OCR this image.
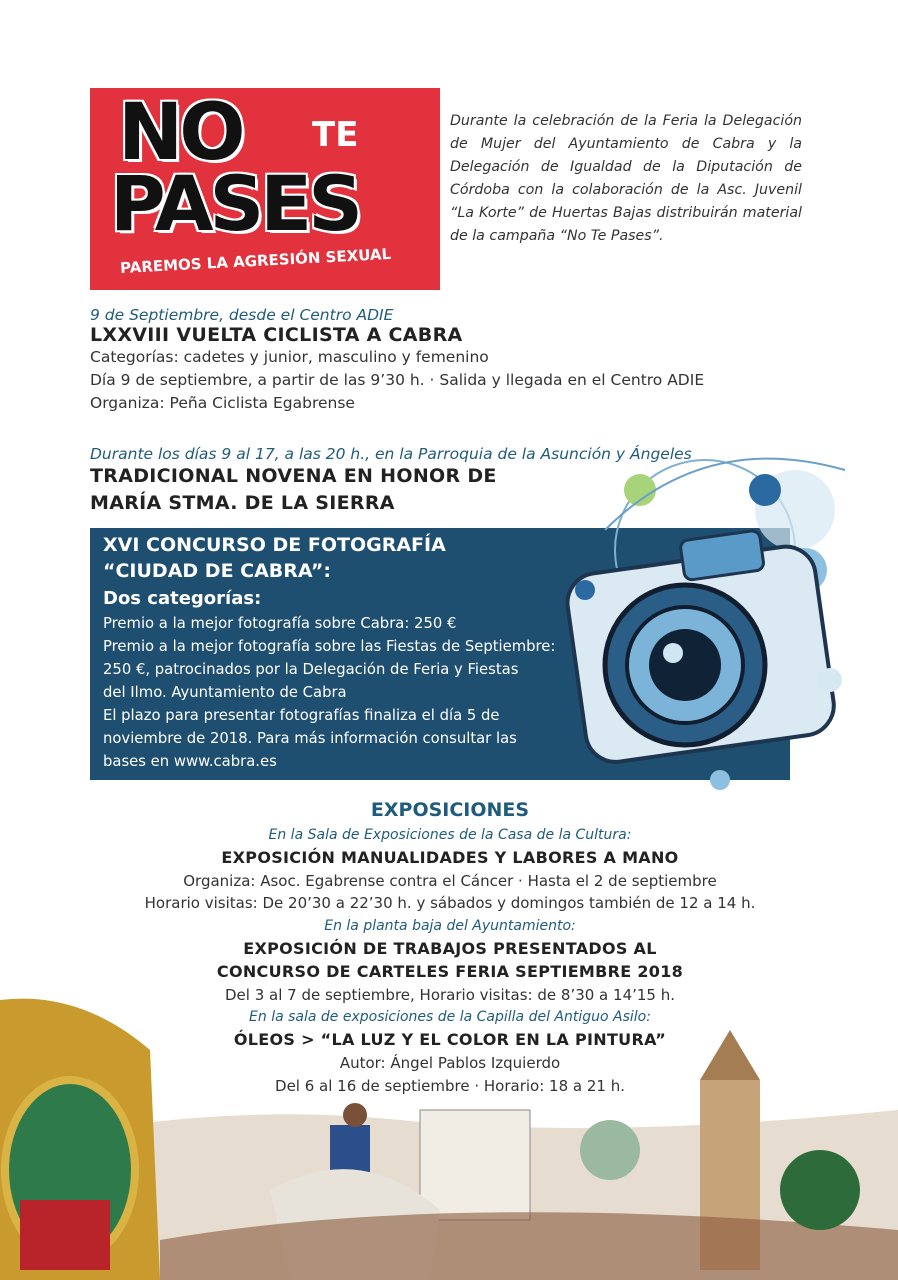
NO TE
PASES
PAREMOS LA AGRESIÓN SEXUAL

Durante la celebración de la Feria la Delegación de Mujer del Ayuntamiento de Cabra y la Delegación de Igualdad de la Diputación de Córdoba con la colaboración de la Asc. Juvenil “La Korte” de Huertas Bajas distribuirán material de la campaña “No Te Pases”.

9 de Septiembre, desde el Centro ADIE
LXXVIII VUELTA CICLISTA A CABRA
Categorías: cadetes y junior, masculino y femenino
Día 9 de septiembre, a partir de las 9’30 h. · Salida y llegada en el Centro ADIE
Organiza: Peña Ciclista Egabrense
Durante los días 9 al 17, a las 20 h., en la Parroquia de la Asunción y Ángeles
TRADICIONAL NOVENA EN HONOR DE
MARÍA STMA. DE LA SIERRA
XVI CONCURSO DE FOTOGRAFÍA
“CIUDAD DE CABRA”:
Dos categorías:
Premio a la mejor fotografía sobre Cabra: 250 €
Premio a la mejor fotografía sobre las Fiestas de Septiembre:
250 €, patrocinados por la Delegación de Feria y Fiestas
del Ilmo. Ayuntamiento de Cabra
El plazo para presentar fotografías finaliza el día 5 de
noviembre de 2018. Para más información consultar las
bases en www.cabra.es
EXPOSICIONES
En la Sala de Exposiciones de la Casa de la Cultura:
EXPOSICIÓN MANUALIDADES Y LABORES A MANO
Organiza: Asoc. Egabrense contra el Cáncer · Hasta el 2 de septiembre
Horario visitas: De 20’30 a 22’30 h. y sábados y domingos también de 12 a 14 h.
En la planta baja del Ayuntamiento:
EXPOSICIÓN DE TRABAJOS PRESENTADOS AL
CONCURSO DE CARTELES FERIA SEPTIEMBRE 2018
Del 3 al 7 de septiembre, Horario visitas: de 8’30 a 14’15 h.
En la sala de exposiciones de la Capilla del Antiguo Asilo:
ÓLEOS > “LA LUZ Y EL COLOR EN LA PINTURA”
Autor: Ángel Pablos Izquierdo
Del 6 al 16 de septiembre · Horario: 18 a 21 h.
